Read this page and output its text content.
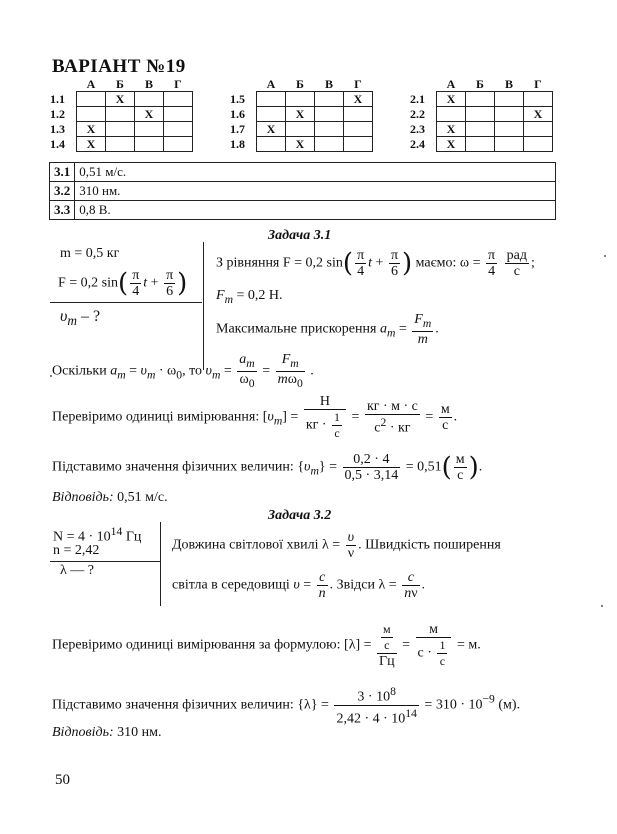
ВАРІАНТ №19
	А	Б	В	Г
1.1		X		
1.2			X	
1.3	X			
1.4	X			
	А	Б	В	Г
1.5				X
1.6		X		
1.7	X			
1.8		X		
	А	Б	В	Г
2.1	X			
2.2				X
2.3	X			
2.4	X			
3.1	0,51 м/с.
3.2	310 нм.
3.3	0,8 В.
Задача 3.1
m = 0,5 кг
F = 0,2 $\sin( \frac{\pi}{4}$ $t + \frac{\pi}{6}$ )
$\upsilon_m$ – ?
З рівняння F = 0,2 $\sin( \frac{\pi}{4}$ $t + \frac{\pi}{6}$ ) маємо: $\omega = \frac{\pi}{4}$
$\frac{\text{рад}}{с}$ ;
$F_m = 0,2$ Н.
Максимальне прискорення $a_m = \frac{F_m}{m}$ .
Оскільки $a_m = \upsilon_m \cdot \omega_0$, то $\upsilon_m = \frac{a_m}{\omega_0} = \frac{F_m}{m\omega_0}$ .
Перевіримо одиниці вимірювання: $[\upsilon_m] = \frac{Н}{кг \cdot \frac{1}{с}} = \frac{кг \cdot м \cdot с}{с^2 \cdot кг} = \frac{м}{с}$ .
Підставимо значення фізичних величин: $\{\upsilon_m\} = \frac{0,2 \cdot 4}{0,5 \cdot 3,14} = 0,51( \frac{м}{с}$ ).
Відповідь: 0,51 м/с.
Задача 3.2
$N = 4 \cdot 10^{14}$ Гц
n = 2,42
λ — ?
Довжина світлової хвилі $\lambda = \frac{\upsilon}{\nu}$ . Швидкість поширення
світла в середовищі $\upsilon = \frac{c}{n}$ . Звідси $\lambda = \frac{c}{n\nu}$ .
Перевіримо одиниці вимірювання за формулою: $[\lambda] = \frac{\frac{м}{с}}{Гц} = \frac{м}{с \cdot \frac{1}{с}} = м$.
Підставимо значення фізичних величин: $\{\lambda\} = \frac{3 \cdot 10^8}{2,42 \cdot 4 \cdot 10^{14}} = 310 \cdot 10^{-9}$ (м).
Відповідь: 310 нм.
50
